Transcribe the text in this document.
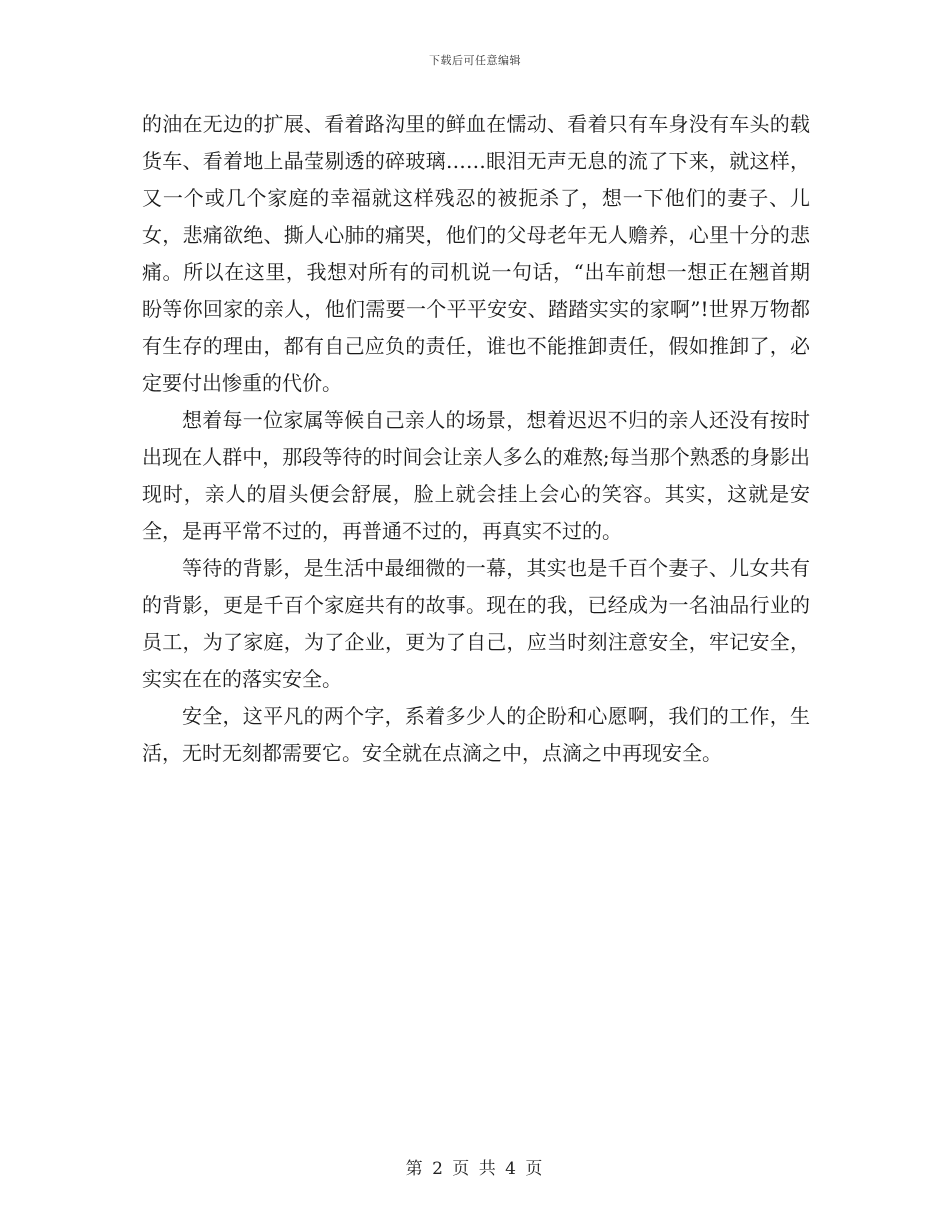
下载后可任意编辑

的油在无边的扩展、看着路沟里的鲜血在懦动、看着只有车身没有车头的载货车、看着地上晶莹剔透的碎玻璃……眼泪无声无息的流了下来，就这样，又一个或几个家庭的幸福就这样残忍的被扼杀了，想一下他们的妻子、儿女，悲痛欲绝、撕人心肺的痛哭，他们的父母老年无人赡养，心里十分的悲痛。所以在这里，我想对所有的司机说一句话，“出车前想一想正在翘首期盼等你回家的亲人，他们需要一个平平安安、踏踏实实的家啊”!世界万物都有生存的理由，都有自己应负的责任，谁也不能推卸责任，假如推卸了，必定要付出惨重的代价。

想着每一位家属等候自己亲人的场景，想着迟迟不归的亲人还没有按时出现在人群中，那段等待的时间会让亲人多么的难熬;每当那个熟悉的身影出现时，亲人的眉头便会舒展，脸上就会挂上会心的笑容。其实，这就是安全，是再平常不过的，再普通不过的，再真实不过的。

等待的背影，是生活中最细微的一幕，其实也是千百个妻子、儿女共有的背影，更是千百个家庭共有的故事。现在的我，已经成为一名油品行业的员工，为了家庭，为了企业，更为了自己，应当时刻注意安全，牢记安全，实实在在的落实安全。

安全，这平凡的两个字，系着多少人的企盼和心愿啊，我们的工作，生活，无时无刻都需要它。安全就在点滴之中，点滴之中再现安全。

第 2 页 共 4 页
